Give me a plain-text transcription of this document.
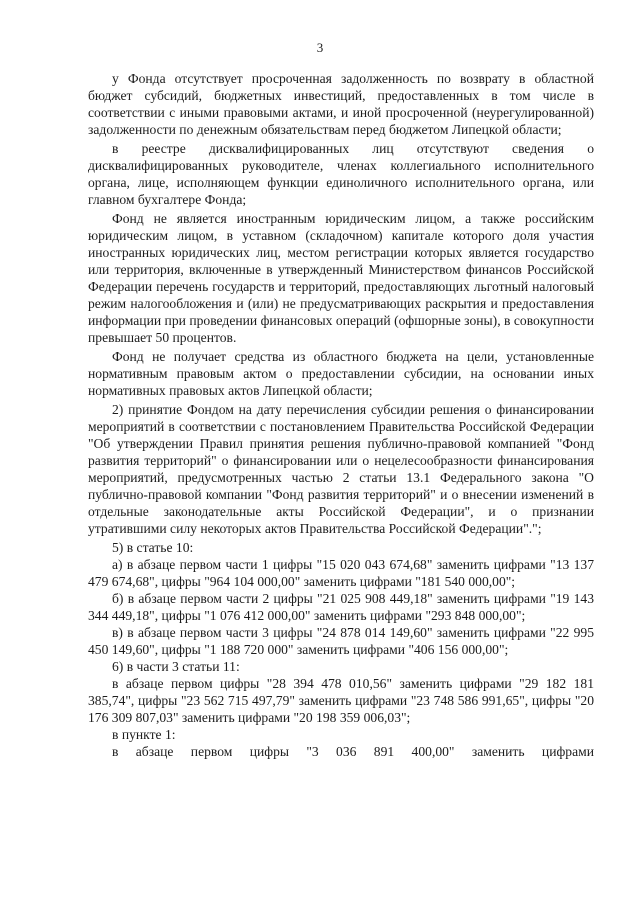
3

у Фонда отсутствует просроченная задолженность по возврату в областной бюджет субсидий, бюджетных инвестиций, предоставленных в том числе в соответствии с иными правовыми актами, и иной просроченной (неурегулированной) задолженности по денежным обязательствам перед бюджетом Липецкой области;

в реестре дисквалифицированных лиц отсутствуют сведения о дисквалифицированных руководителе, членах коллегиального исполнительного органа, лице, исполняющем функции единоличного исполнительного органа, или главном бухгалтере Фонда;

Фонд не является иностранным юридическим лицом, а также российским юридическим лицом, в уставном (складочном) капитале которого доля участия иностранных юридических лиц, местом регистрации которых является государство или территория, включенные в утвержденный Министерством финансов Российской Федерации перечень государств и территорий, предоставляющих льготный налоговый режим налогообложения и (или) не предусматривающих раскрытия и предоставления информации при проведении финансовых операций (офшорные зоны), в совокупности превышает 50 процентов.

Фонд не получает средства из областного бюджета на цели, установленные нормативным правовым актом о предоставлении субсидии, на основании иных нормативных правовых актов Липецкой области;

2) принятие Фондом на дату перечисления субсидии решения о финансировании мероприятий в соответствии с постановлением Правительства Российской Федерации "Об утверждении Правил принятия решения публично-правовой компанией "Фонд развития территорий" о финансировании или о нецелесообразности финансирования мероприятий, предусмотренных частью 2 статьи 13.1 Федерального закона "О публично-правовой компании "Фонд развития территорий" и о внесении изменений в отдельные законодательные акты Российской Федерации", и о признании утратившими силу некоторых актов Правительства Российской Федерации".";

5) в статье 10:

а) в абзаце первом части 1 цифры "15 020 043 674,68" заменить цифрами "13 137 479 674,68", цифры "964 104 000,00" заменить цифрами "181 540 000,00";

б) в абзаце первом части 2 цифры "21 025 908 449,18" заменить цифрами "19 143 344 449,18", цифры "1 076 412 000,00" заменить цифрами "293 848 000,00";

в) в абзаце первом части 3 цифры "24 878 014 149,60" заменить цифрами "22 995 450 149,60", цифры "1 188 720 000" заменить цифрами "406 156 000,00";

6) в части 3 статьи 11:

в абзаце первом цифры "28 394 478 010,56" заменить цифрами "29 182 181 385,74", цифры "23 562 715 497,79" заменить цифрами "23 748 586 991,65", цифры "20 176 309 807,03" заменить цифрами "20 198 359 006,03";

в пункте 1:

в абзаце первом цифры "3 036 891 400,00" заменить цифрами
